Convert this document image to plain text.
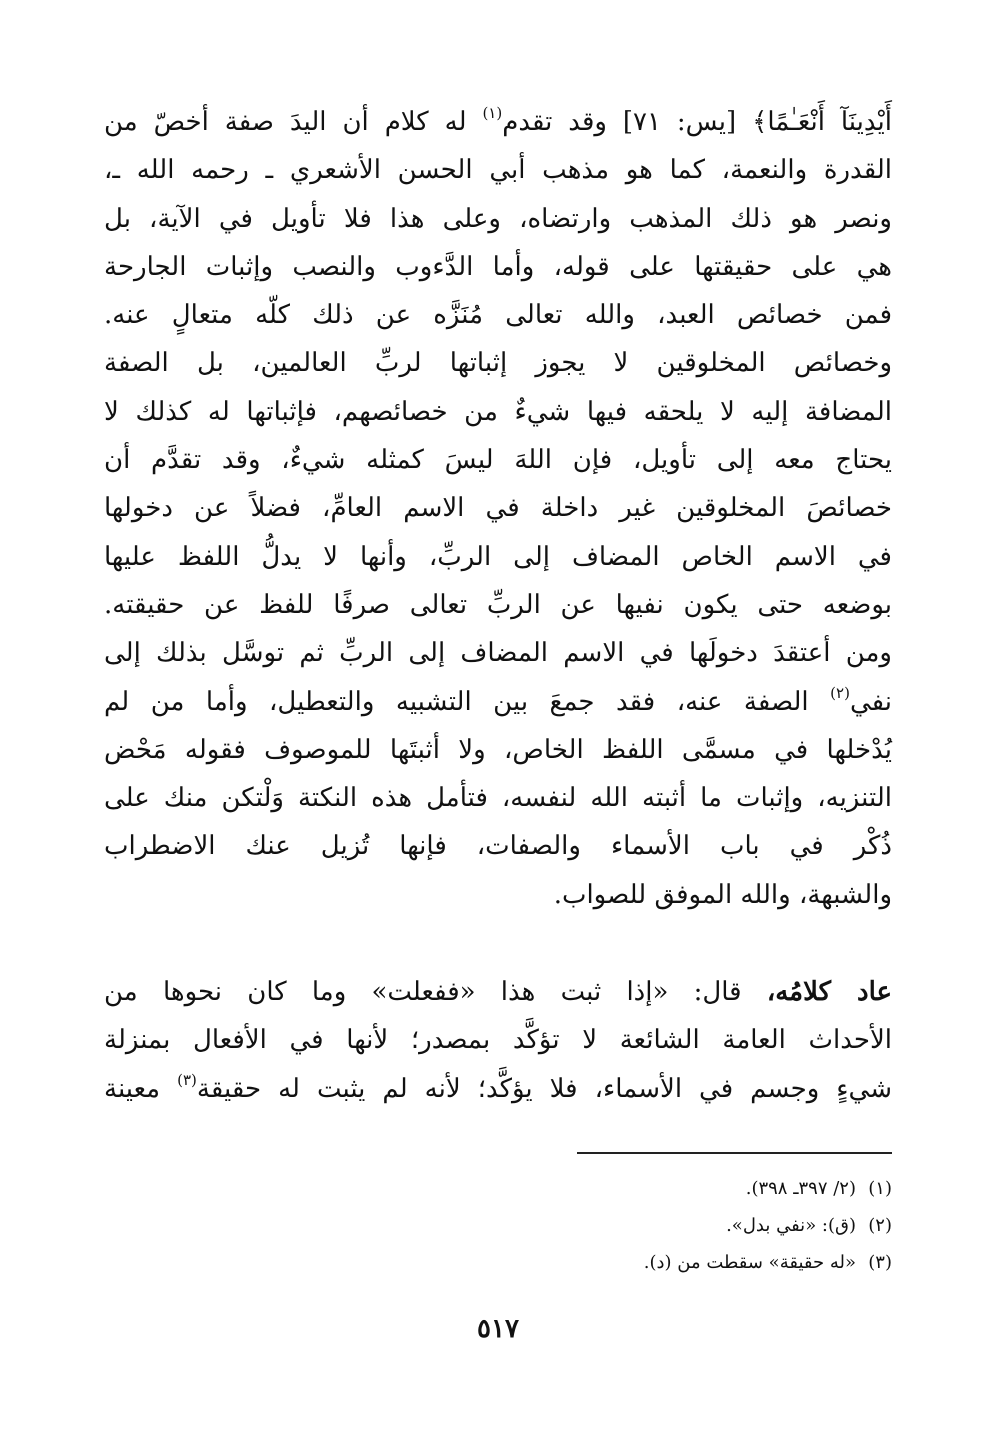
أَيْدِينَآ أَنْعَـٰمًا﴾ [يس: ٧١] وقد تقدم$^{(١)}$ له كلام أن اليدَ صفة أخصّ من
القدرة والنعمة، كما هو مذهب أبي الحسن الأشعري ـ رحمه الله ـ،
ونصر هو ذلك المذهب وارتضاه، وعلى هذا فلا تأويل في الآية، بل
هي على حقيقتها على قوله، وأما الدَّءوب والنصب وإثبات الجارحة
فمن خصائص العبد، والله تعالى مُنَزَّه عن ذلك كلّه متعالٍ عنه.
وخصائص المخلوقين لا يجوز إثباتها لربِّ العالمين، بل الصفة
المضافة إليه لا يلحقه فيها شيءٌ من خصائصهم، فإثباتها له كذلك لا
يحتاج معه إلى تأويل، فإن اللهَ ليسَ كمثله شيءٌ، وقد تقدَّم أن
خصائصَ المخلوقين غير داخلة في الاسم العامِّ، فضلاً عن دخولها
في الاسم الخاص المضاف إلى الربِّ، وأنها لا يدلُّ اللفظ عليها
بوضعه حتى يكون نفيها عن الربِّ تعالى صرفًا للفظ عن حقيقته.
ومن أعتقدَ دخولَها في الاسم المضاف إلى الربِّ ثم توسَّل بذلك إلى
نفي$^{(٢)}$ الصفة عنه، فقد جمعَ بين التشبيه والتعطيل، وأما من لم
يُدْخلها في مسمَّى اللفظ الخاص، ولا أثبتَها للموصوف فقوله مَحْض
التنزيه، وإثبات ما أثبته الله لنفسه، فتأمل هذه النكتة وَلْتكن منك على
ذُكْر في باب الأسماء والصفات، فإنها تُزيل عنك الاضطراب
والشبهة، والله الموفق للصواب.
عاد كلامُه، قال: «إذا ثبت هذا «ففعلت» وما كان نحوها من
الأحداث العامة الشائعة لا تؤكَّد بمصدر؛ لأنها في الأفعال بمنزلة
شيءٍ وجسم في الأسماء، فلا يؤكَّد؛ لأنه لم يثبت له حقيقة$^{(٣)}$ معينة
(١)(٢/ ٣٩٧ـ ٣٩٨).
(٢)(ق): «نفي بدل».
(٣)«له حقيقة» سقطت من (د).
٥١٧
